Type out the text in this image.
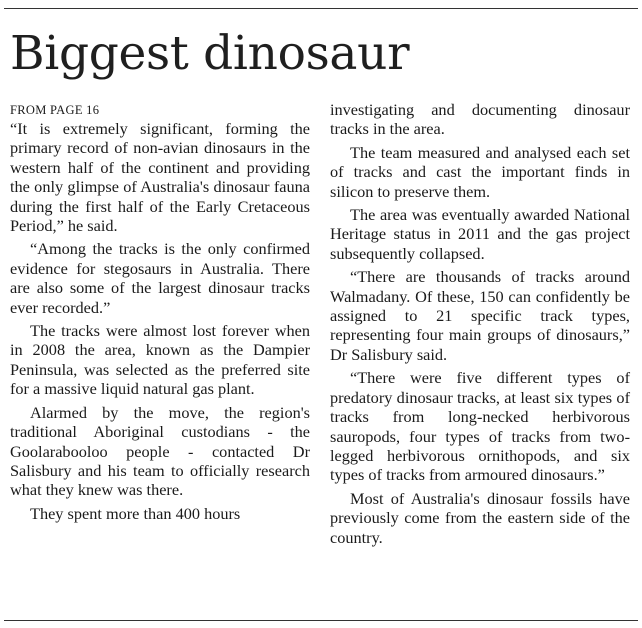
Biggest dinosaur
FROM PAGE 16

“It is extremely significant, forming the primary record of non-avian dinosaurs in the western half of the continent and providing the only glimpse of Australia's dinosaur fauna during the first half of the Early Cretaceous Period,” he said.

“Among the tracks is the only confirmed evidence for stegosaurs in Australia. There are also some of the largest dinosaur tracks ever recorded.”

The tracks were almost lost forever when in 2008 the area, known as the Dampier Peninsula, was selected as the preferred site for a massive liquid natural gas plant.

Alarmed by the move, the region's traditional Aboriginal custodians - the Goolarabooloo people - contacted Dr Salisbury and his team to officially research what they knew was there.

They spent more than 400 hours

investigating and documenting dinosaur tracks in the area.

The team measured and analysed each set of tracks and cast the important finds in silicon to preserve them.

The area was eventually awarded National Heritage status in 2011 and the gas project subsequently collapsed.

“There are thousands of tracks around Walmadany. Of these, 150 can confidently be assigned to 21 specific track types, representing four main groups of dinosaurs,” Dr Salisbury said.

“There were five different types of predatory dinosaur tracks, at least six types of tracks from long-necked herbivorous sauropods, four types of tracks from two-legged herbivorous ornithopods, and six types of tracks from armoured dinosaurs.”

Most of Australia's dinosaur fossils have previously come from the eastern side of the country.
